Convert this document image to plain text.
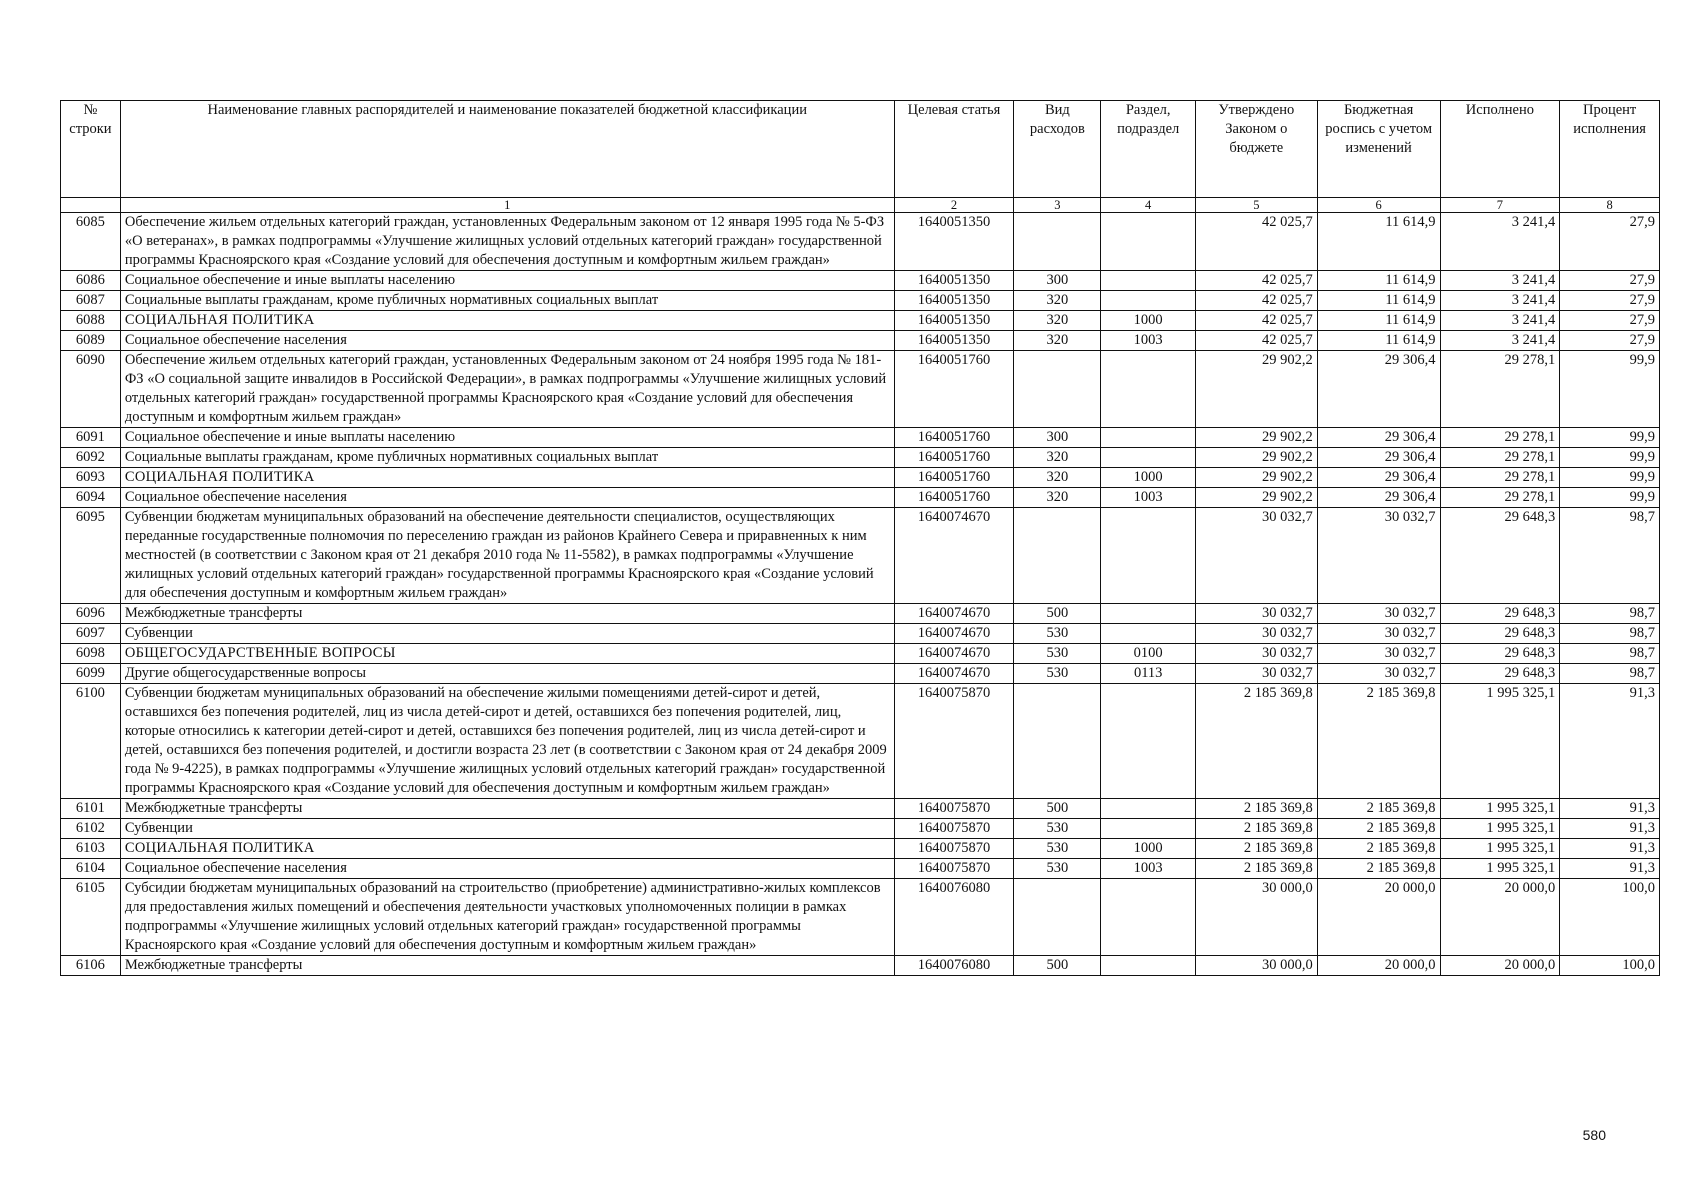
№ строки	Наименование главных распорядителей и наименование показателей бюджетной классификации	Целевая статья	Вид расходов	Раздел, подраздел	Утверждено Законом о бюджете	Бюджетная роспись с учетом изменений	Исполнено	Процент исполнения
	1	2	3	4	5	6	7	8
6085	Обеспечение жильем отдельных категорий граждан, установленных Федеральным законом от 12 января 1995 года № 5-ФЗ «О ветеранах», в рамках подпрограммы «Улучшение жилищных условий отдельных категорий граждан» государственной программы Красноярского края «Создание условий для обеспечения доступным и комфортным жильем граждан»	1640051350			42 025,7	11 614,9	3 241,4	27,9
6086	Социальное обеспечение и иные выплаты населению	1640051350	300		42 025,7	11 614,9	3 241,4	27,9
6087	Социальные выплаты гражданам, кроме публичных нормативных социальных выплат	1640051350	320		42 025,7	11 614,9	3 241,4	27,9
6088	СОЦИАЛЬНАЯ ПОЛИТИКА	1640051350	320	1000	42 025,7	11 614,9	3 241,4	27,9
6089	Социальное обеспечение населения	1640051350	320	1003	42 025,7	11 614,9	3 241,4	27,9
6090	Обеспечение жильем отдельных категорий граждан, установленных Федеральным законом от 24 ноября 1995 года № 181-ФЗ «О социальной защите инвалидов в Российской Федерации», в рамках подпрограммы «Улучшение жилищных условий отдельных категорий граждан» государственной программы Красноярского края «Создание условий для обеспечения доступным и комфортным жильем граждан»	1640051760			29 902,2	29 306,4	29 278,1	99,9
6091	Социальное обеспечение и иные выплаты населению	1640051760	300		29 902,2	29 306,4	29 278,1	99,9
6092	Социальные выплаты гражданам, кроме публичных нормативных социальных выплат	1640051760	320		29 902,2	29 306,4	29 278,1	99,9
6093	СОЦИАЛЬНАЯ ПОЛИТИКА	1640051760	320	1000	29 902,2	29 306,4	29 278,1	99,9
6094	Социальное обеспечение населения	1640051760	320	1003	29 902,2	29 306,4	29 278,1	99,9
6095	Субвенции бюджетам муниципальных образований на обеспечение деятельности специалистов, осуществляющих переданные государственные полномочия по переселению граждан из районов Крайнего Севера и приравненных к ним местностей (в соответствии с Законом края от 21 декабря 2010 года № 11-5582), в рамках подпрограммы «Улучшение жилищных условий отдельных категорий граждан» государственной программы Красноярского края «Создание условий для обеспечения доступным и комфортным жильем граждан»	1640074670			30 032,7	30 032,7	29 648,3	98,7
6096	Межбюджетные трансферты	1640074670	500		30 032,7	30 032,7	29 648,3	98,7
6097	Субвенции	1640074670	530		30 032,7	30 032,7	29 648,3	98,7
6098	ОБЩЕГОСУДАРСТВЕННЫЕ ВОПРОСЫ	1640074670	530	0100	30 032,7	30 032,7	29 648,3	98,7
6099	Другие общегосударственные вопросы	1640074670	530	0113	30 032,7	30 032,7	29 648,3	98,7
6100	Субвенции бюджетам муниципальных образований на обеспечение жилыми помещениями детей-сирот и детей, оставшихся без попечения родителей, лиц из числа детей-сирот и детей, оставшихся без попечения родителей, лиц, которые относились к категории детей-сирот и детей, оставшихся без попечения родителей, лиц из числа детей-сирот и детей, оставшихся без попечения родителей, и достигли возраста 23 лет (в соответствии с Законом края от 24 декабря 2009 года № 9-4225), в рамках подпрограммы «Улучшение жилищных условий отдельных категорий граждан» государственной программы Красноярского края «Создание условий для обеспечения доступным и комфортным жильем граждан»	1640075870			2 185 369,8	2 185 369,8	1 995 325,1	91,3
6101	Межбюджетные трансферты	1640075870	500		2 185 369,8	2 185 369,8	1 995 325,1	91,3
6102	Субвенции	1640075870	530		2 185 369,8	2 185 369,8	1 995 325,1	91,3
6103	СОЦИАЛЬНАЯ ПОЛИТИКА	1640075870	530	1000	2 185 369,8	2 185 369,8	1 995 325,1	91,3
6104	Социальное обеспечение населения	1640075870	530	1003	2 185 369,8	2 185 369,8	1 995 325,1	91,3
6105	Субсидии бюджетам муниципальных образований на строительство (приобретение) административно-жилых комплексов для предоставления жилых помещений и обеспечения деятельности участковых уполномоченных полиции в рамках подпрограммы «Улучшение жилищных условий отдельных категорий граждан» государственной программы Красноярского края «Создание условий для обеспечения доступным и комфортным жильем граждан»	1640076080			30 000,0	20 000,0	20 000,0	100,0
6106	Межбюджетные трансферты	1640076080	500		30 000,0	20 000,0	20 000,0	100,0
580
